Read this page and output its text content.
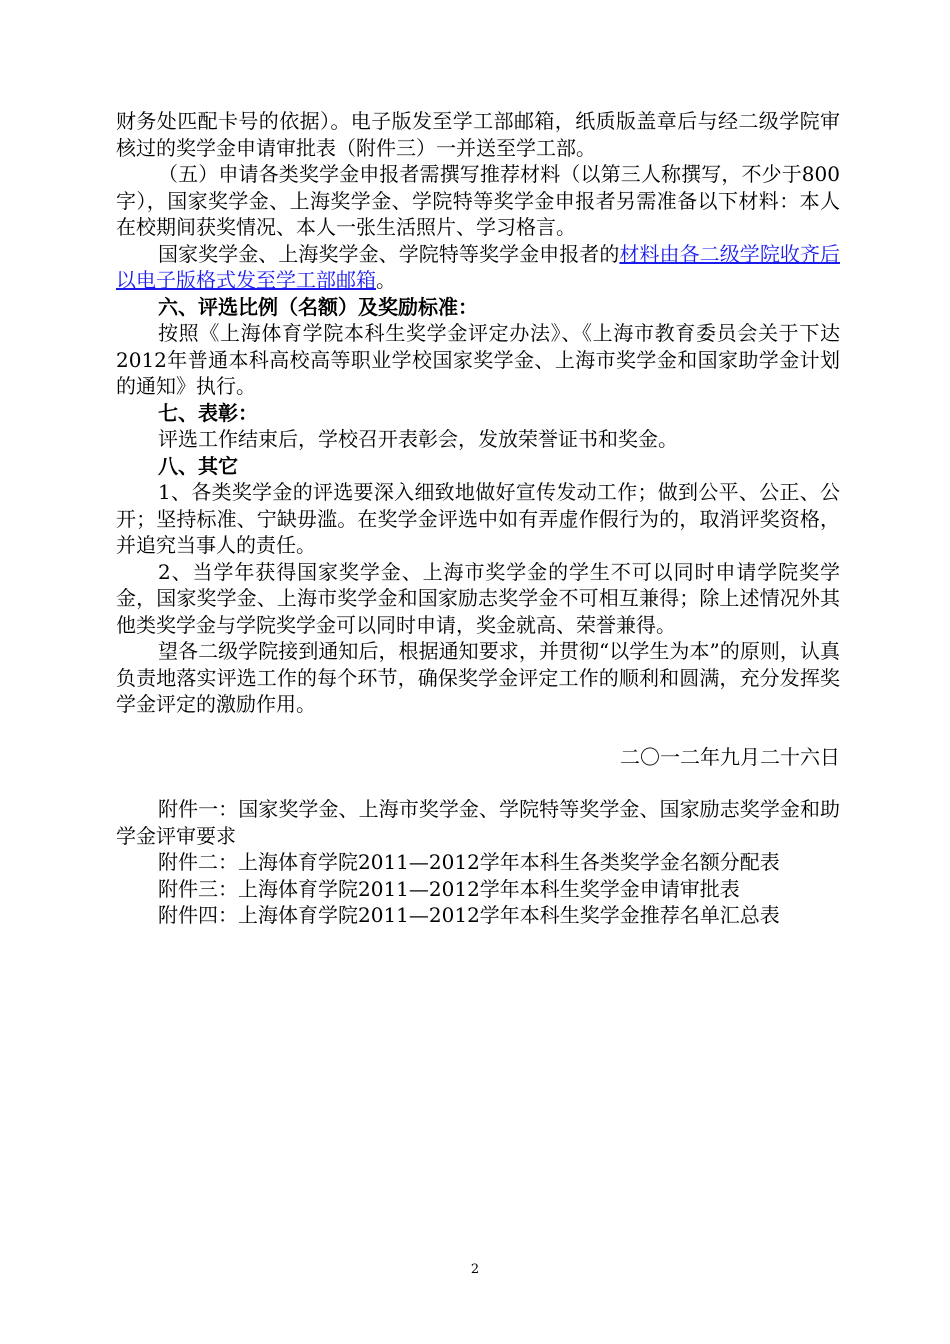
财务处匹配卡号的依据）。电子版发至学工部邮箱，纸质版盖章后与经二级学院审核过的奖学金申请审批表（附件三）一并送至学工部。

（五）申请各类奖学金申报者需撰写推荐材料（以第三人称撰写，不少于800字），国家奖学金、上海奖学金、学院特等奖学金申报者另需准备以下材料：本人在校期间获奖情况、本人一张生活照片、学习格言。

国家奖学金、上海奖学金、学院特等奖学金申报者的材料由各二级学院收齐后以电子版格式发至学工部邮箱。

六、评选比例（名额）及奖励标准：

按照《上海体育学院本科生奖学金评定办法》、《上海市教育委员会关于下达2012年普通本科高校高等职业学校国家奖学金、上海市奖学金和国家助学金计划的通知》执行。

七、表彰：

评选工作结束后，学校召开表彰会，发放荣誉证书和奖金。

八、其它

1、各类奖学金的评选要深入细致地做好宣传发动工作；做到公平、公正、公开；坚持标准、宁缺毋滥。在奖学金评选中如有弄虚作假行为的，取消评奖资格，并追究当事人的责任。

2、当学年获得国家奖学金、上海市奖学金的学生不可以同时申请学院奖学金，国家奖学金、上海市奖学金和国家励志奖学金不可相互兼得；除上述情况外其他类奖学金与学院奖学金可以同时申请，奖金就高、荣誉兼得。

望各二级学院接到通知后，根据通知要求，并贯彻“以学生为本”的原则，认真负责地落实评选工作的每个环节，确保奖学金评定工作的顺利和圆满，充分发挥奖学金评定的激励作用。

二〇一二年九月二十六日

附件一：国家奖学金、上海市奖学金、学院特等奖学金、国家励志奖学金和助学金评审要求

附件二：上海体育学院2011—2012学年本科生各类奖学金名额分配表

附件三：上海体育学院2011—2012学年本科生奖学金申请审批表

附件四：上海体育学院2011—2012学年本科生奖学金推荐名单汇总表

2
